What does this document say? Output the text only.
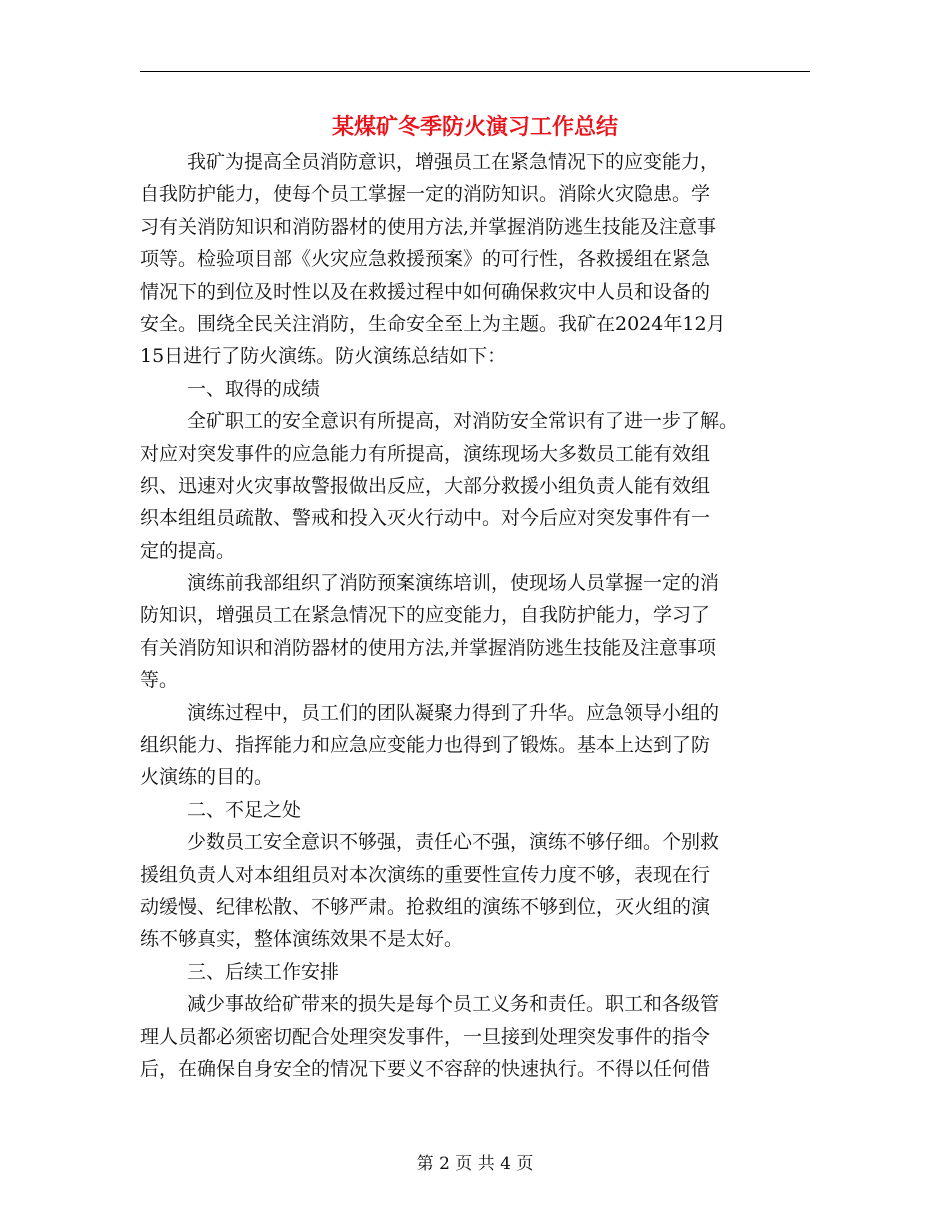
某煤矿冬季防火演习工作总结
我矿为提高全员消防意识，增强员工在紧急情况下的应变能力，
自我防护能力，使每个员工掌握一定的消防知识。消除火灾隐患。学
习有关消防知识和消防器材的使用方法,并掌握消防逃生技能及注意事
项等。检验项目部《火灾应急救援预案》的可行性，各救援组在紧急
情况下的到位及时性以及在救援过程中如何确保救灾中人员和设备的
安全。围绕全民关注消防，生命安全至上为主题。我矿在2024年12月
15日进行了防火演练。防火演练总结如下：
一、取得的成绩
全矿职工的安全意识有所提高，对消防安全常识有了进一步了解。
对应对突发事件的应急能力有所提高，演练现场大多数员工能有效组
织、迅速对火灾事故警报做出反应，大部分救援小组负责人能有效组
织本组组员疏散、警戒和投入灭火行动中。对今后应对突发事件有一
定的提高。
演练前我部组织了消防预案演练培训，使现场人员掌握一定的消
防知识，增强员工在紧急情况下的应变能力，自我防护能力，学习了
有关消防知识和消防器材的使用方法,并掌握消防逃生技能及注意事项
等。
演练过程中，员工们的团队凝聚力得到了升华。应急领导小组的
组织能力、指挥能力和应急应变能力也得到了锻炼。基本上达到了防
火演练的目的。
二、不足之处
少数员工安全意识不够强，责任心不强，演练不够仔细。个别救
援组负责人对本组组员对本次演练的重要性宣传力度不够，表现在行
动缓慢、纪律松散、不够严肃。抢救组的演练不够到位，灭火组的演
练不够真实，整体演练效果不是太好。
三、后续工作安排
减少事故给矿带来的损失是每个员工义务和责任。职工和各级管
理人员都必须密切配合处理突发事件，一旦接到处理突发事件的指令
后，在确保自身安全的情况下要义不容辞的快速执行。不得以任何借
第 2 页 共 4 页
